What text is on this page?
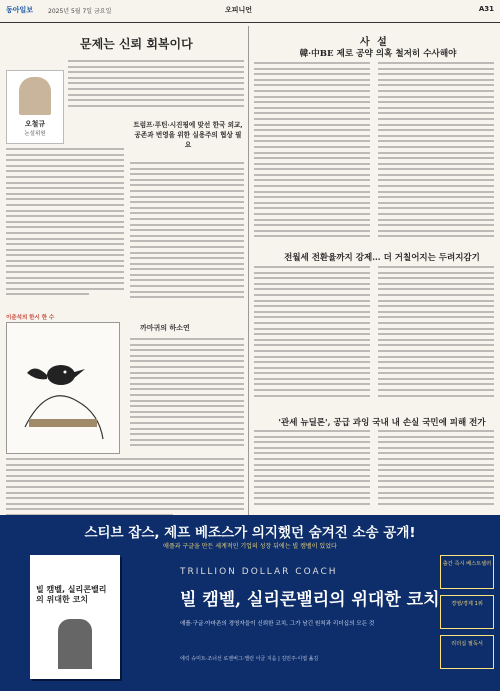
동아일보 2025년 5월 7일 금요일	오피니언	A31
문제는 신뢰 회복이다
오철규
논설위원
트럼프·푸틴·시진핑에 맞선 한국 외교, 공존과 번영을 위한 실용주의 협상 필요
이준석의 한시 한 수
까마귀의 하소연
사 설
韓·中BE 제로 공약 의혹 철저히 수사해야
전월세 전환율까지 강제… 더 거칠어지는 두려지감기
'관세 뉴딜론', 공급 과잉 국내 내 손실 국민에 피해 전가
스티브 잡스, 제프 베조스가 의지했던 숨겨진 소송 공개!
애플과 구글을 만든 세계적인 기업의 성장 뒤에는 빌 캠벨이 있었다
빌 캠벨, 실리콘밸리의 위대한 코치
TRILLION DOLLAR COACH
빌 캠벨, 실리콘밸리의 위대한 코치
애플·구글·아마존의 경영자들이 신뢰한 코치, 그가 남긴 원칙과 리더십의 모든 것
에릭 슈미트·조너선 로젠버그·앨런 이글 지음 | 김민주·이엽 옮김
출간 즉시 베스트셀러
경영/경제 1위
리더십 필독서
